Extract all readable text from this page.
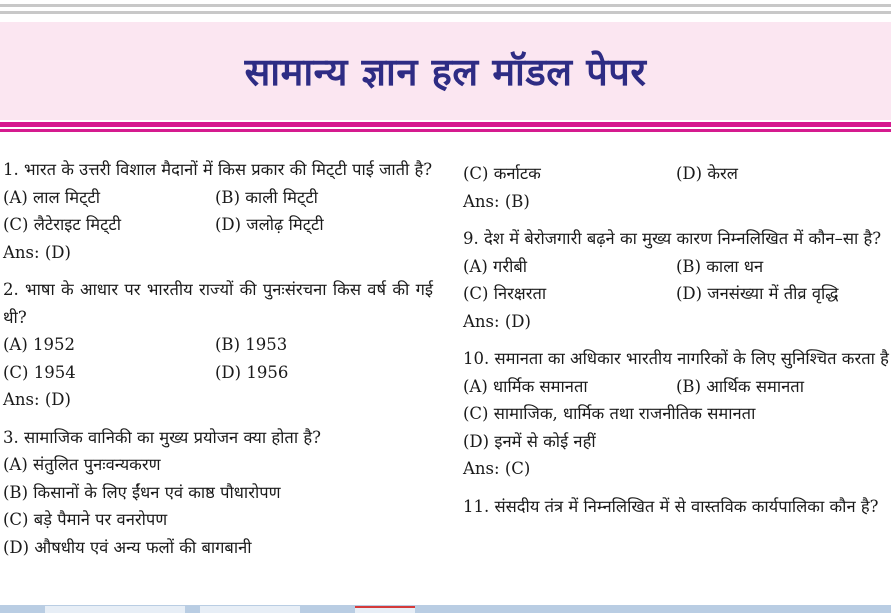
सामान्य ज्ञान हल मॉडल पेपर
1. भारत के उत्तरी विशाल मैदानों में किस प्रकार की मिट्‌टी पाई जाती है?
(A) लाल मिट्‌टी	(B) काली मिट्‌टी
(C) लैटेराइट मिट्‌टी	(D) जलोढ़ मिट्‌टी
Ans: (D)
2. भाषा के आधार पर भारतीय राज्यों की पुनःसंरचना किस वर्ष की गई थी?
(A) 1952	(B) 1953
(C) 1954	(D) 1956
Ans: (D)
3. सामाजिक वानिकी का मुख्य प्रयोजन क्या होता है?
(A) संतुलित पुनःवन्यकरण
(B) किसानों के लिए ईंधन एवं काष्ठ पौधारोपण
(C) बड़े पैमाने पर वनरोपण
(D) औषधीय एवं अन्य फलों की बागबानी
(C) कर्नाटक	(D) केरल
Ans: (B)
9. देश में बेरोजगारी बढ़ने का मुख्य कारण निम्नलिखित में कौन–सा है?
(A) गरीबी	(B) काला धन
(C) निरक्षरता	(D) जनसंख्या में तीव्र वृद्धि
Ans: (D)
10. समानता का अधिकार भारतीय नागरिकों के लिए सुनिश्चित करता है
(A) धार्मिक समानता	(B) आर्थिक समानता
(C) सामाजिक, धार्मिक तथा राजनीतिक समानता
(D) इनमें से कोई नहीं
Ans: (C)
11. संसदीय तंत्र में निम्नलिखित में से वास्तविक कार्यपालिका कौन है?
